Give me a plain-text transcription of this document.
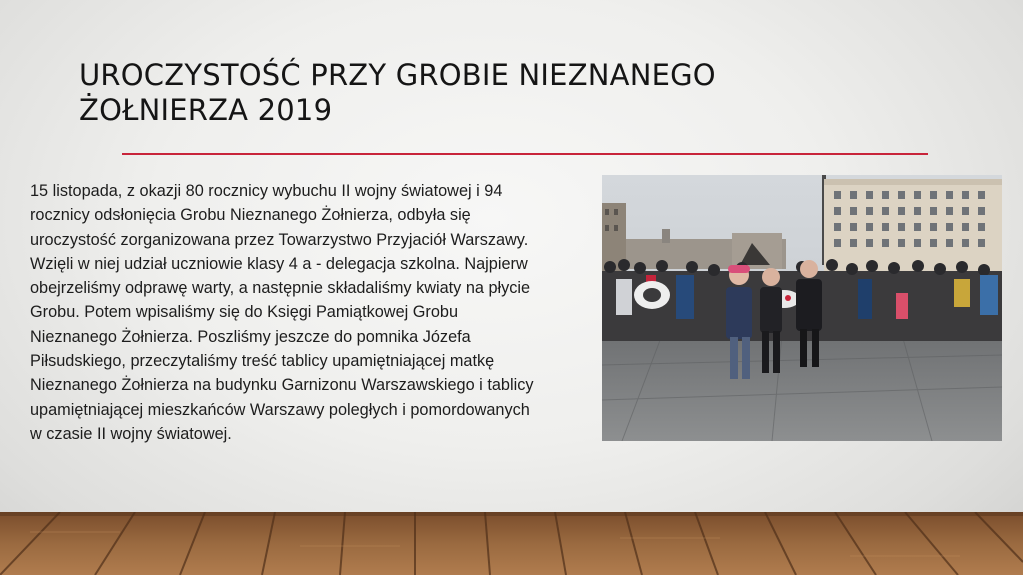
UROCZYSTOŚĆ PRZY GROBIE NIEZNANEGO
ŻOŁNIERZA 2019
15 listopada, z okazji 80 rocznicy wybuchu II wojny światowej i 94
rocznicy odsłonięcia Grobu Nieznanego Żołnierza, odbyła się
uroczystość zorganizowana przez Towarzystwo Przyjaciół Warszawy.
Wzięli w niej udział uczniowie klasy 4 a - delegacja szkolna. Najpierw
obejrzeliśmy odprawę warty, a następnie składaliśmy kwiaty na płycie
Grobu. Potem wpisaliśmy się do Księgi Pamiątkowej Grobu
Nieznanego Żołnierza. Poszliśmy jeszcze do pomnika Józefa
Piłsudskiego, przeczytaliśmy treść tablicy upamiętniającej matkę
Nieznanego Żołnierza na budynku Garnizonu Warszawskiego i tablicy
upamiętniającej mieszkańców Warszawy poległych i pomordowanych
w czasie II wojny światowej.
